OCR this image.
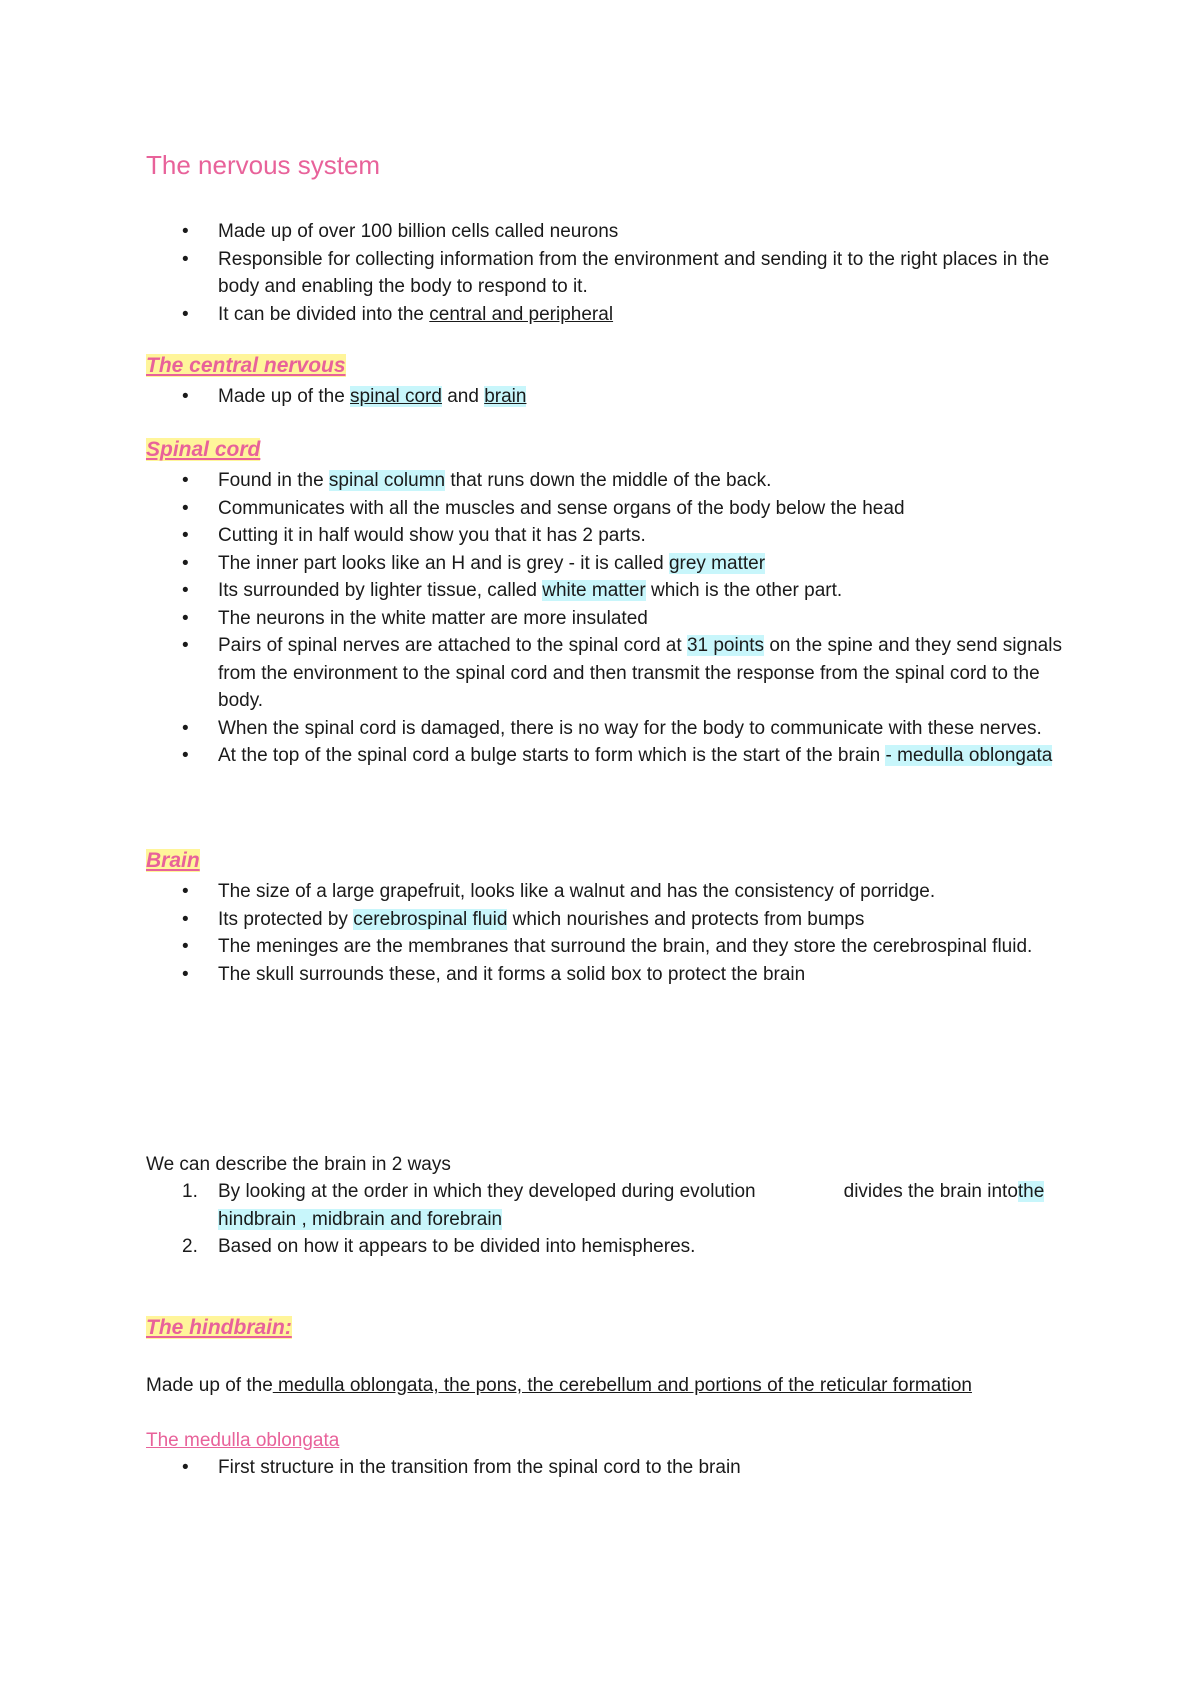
The nervous system
• Made up of over 100 billion cells called neurons
• Responsible for collecting information from the environment and sending it to the right places in the body and enabling the body to respond to it.
• It can be divided into the central and peripheral

The central nervous

• Made up of the spinal cord and brain

Spinal cord

• Found in the spinal column that runs down the middle of the back.
• Communicates with all the muscles and sense organs of the body below the head
• Cutting it in half would show you that it has 2 parts.
• The inner part looks like an H and is grey - it is called grey matter
• Its surrounded by lighter tissue, called white matter which is the other part.
• The neurons in the white matter are more insulated
• Pairs of spinal nerves are attached to the spinal cord at 31 points on the spine and they send signals from the environment to the spinal cord and then transmit the response from the spinal cord to the body.
• When the spinal cord is damaged, there is no way for the body to communicate with these nerves.
• At the top of the spinal cord a bulge starts to form which is the start of the brain - medulla oblongata

Brain

• The size of a large grapefruit, looks like a walnut and has the consistency of porridge.
• Its protected by cerebrospinal fluid which nourishes and protects from bumps
• The meninges are the membranes that surround the brain, and they store the cerebrospinal fluid.
• The skull surrounds these, and it forms a solid box to protect the brain

We can describe the brain in 2 ways

1. By looking at the order in which they developed during evolution	divides the brain intothe hindbrain , midbrain and forebrain
2. Based on how it appears to be divided into hemispheres.

The hindbrain:

Made up of the medulla oblongata, the pons, the cerebellum and portions of the reticular formation

The medulla oblongata

• First structure in the transition from the spinal cord to the brain
